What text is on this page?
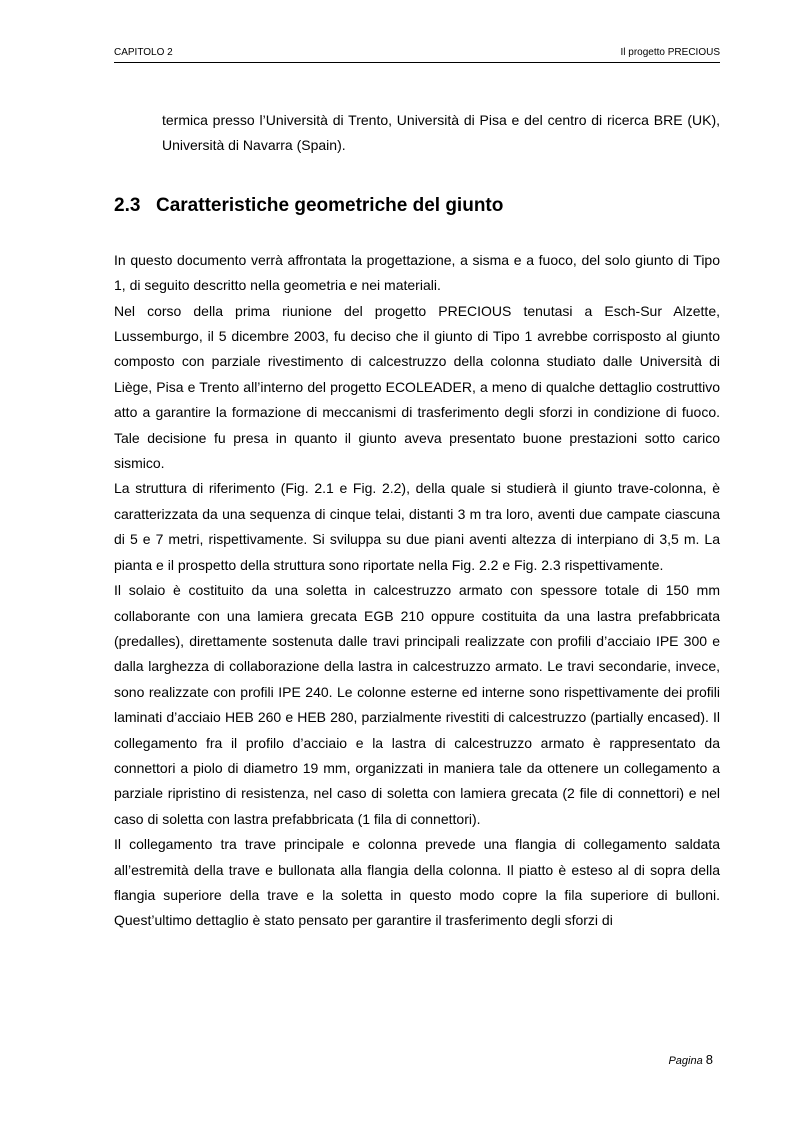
CAPITOLO 2	Il progetto PRECIOUS

termica presso l’Università di Trento, Università di Pisa e del centro di ricerca BRE (UK), Università di Navarra (Spain).

2.3 Caratteristiche geometriche del giunto

In questo documento verrà affrontata la progettazione, a sisma e a fuoco, del solo giunto di Tipo 1, di seguito descritto nella geometria e nei materiali.

Nel corso della prima riunione del progetto PRECIOUS tenutasi a Esch-Sur Alzette, Lussemburgo, il 5 dicembre 2003, fu deciso che il giunto di Tipo 1 avrebbe corrisposto al giunto composto con parziale rivestimento di calcestruzzo della colonna studiato dalle Università di Liège, Pisa e Trento all’interno del progetto ECOLEADER, a meno di qualche dettaglio costruttivo atto a garantire la formazione di meccanismi di trasferimento degli sforzi in condizione di fuoco. Tale decisione fu presa in quanto il giunto aveva presentato buone prestazioni sotto carico sismico.

La struttura di riferimento (Fig. 2.1 e Fig. 2.2), della quale si studierà il giunto trave-colonna, è caratterizzata da una sequenza di cinque telai, distanti 3 m tra loro, aventi due campate ciascuna di 5 e 7 metri, rispettivamente. Si sviluppa su due piani aventi altezza di interpiano di 3,5 m. La pianta e il prospetto della struttura sono riportate nella Fig. 2.2 e Fig. 2.3 rispettivamente.

Il solaio è costituito da una soletta in calcestruzzo armato con spessore totale di 150 mm collaborante con una lamiera grecata EGB 210 oppure costituita da una lastra prefabbricata (predalles), direttamente sostenuta dalle travi principali realizzate con profili d’acciaio IPE 300 e dalla larghezza di collaborazione della lastra in calcestruzzo armato. Le travi secondarie, invece, sono realizzate con profili IPE 240. Le colonne esterne ed interne sono rispettivamente dei profili laminati d’acciaio HEB 260 e HEB 280, parzialmente rivestiti di calcestruzzo (partially encased). Il collegamento fra il profilo d’acciaio e la lastra di calcestruzzo armato è rappresentato da connettori a piolo di diametro 19 mm, organizzati in maniera tale da ottenere un collegamento a parziale ripristino di resistenza, nel caso di soletta con lamiera grecata (2 file di connettori) e nel caso di soletta con lastra prefabbricata (1 fila di connettori).

Il collegamento tra trave principale e colonna prevede una flangia di collegamento saldata all’estremità della trave e bullonata alla flangia della colonna. Il piatto è esteso al di sopra della flangia superiore della trave e la soletta in questo modo copre la fila superiore di bulloni. Quest’ultimo dettaglio è stato pensato per garantire il trasferimento degli sforzi di

Pagina 8
